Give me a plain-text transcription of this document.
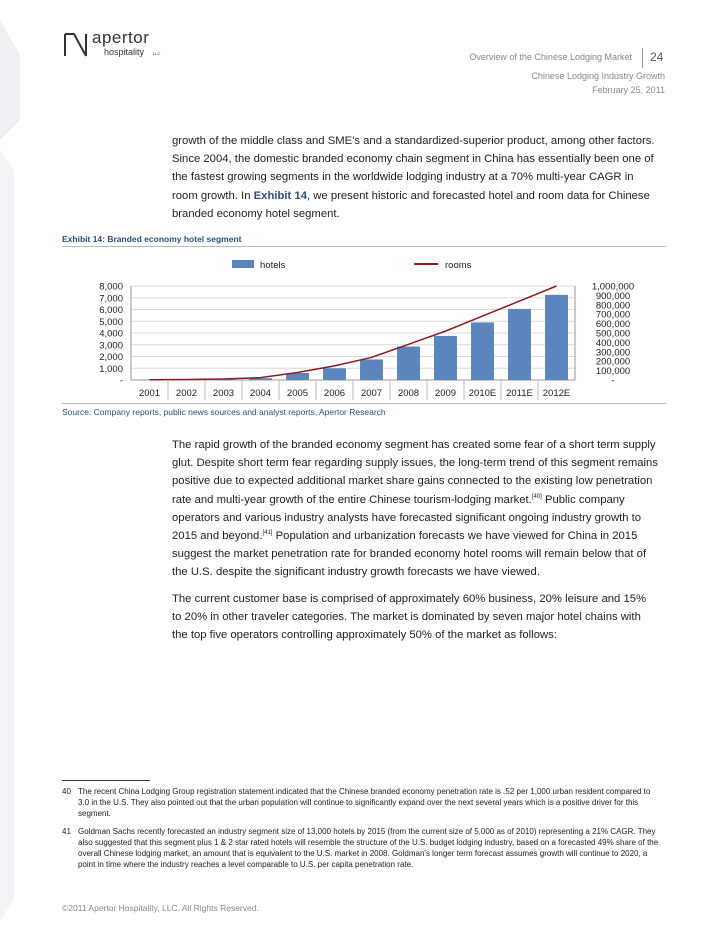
apertor
hospitality LLC	Overview of the Chinese Lodging Market 24
Chinese Lodging Industry Growth
February 25, 2011
growth of the middle class and SME's and a standardized-superior product, among other factors. Since 2004, the domestic branded economy chain segment in China has essentially been one of the fastest growing segments in the worldwide lodging industry at a 70% multi-year CAGR in room growth. In Exhibit 14, we present historic and forecasted hotel and room data for Chinese branded economy hotel segment.
Exhibit 14: Branded economy hotel segment
-
1,000
2,000
3,000
4,000
5,000
6,000
7,000
8,000
-
100,000
200,000
300,000
400,000
500,000
600,000
700,000
800,000
900,000
1,000,000
2001 2002 2003 2004 2005 2006 2007 2008 2009 2010E 2011E 2012E
hotels	rooms
Source: Company reports, public news sources and analyst reports, Apertor Research

The rapid growth of the branded economy segment has created some fear of a short term supply glut. Despite short term fear regarding supply issues, the long-term trend of this segment remains positive due to expected additional market share gains connected to the existing low penetration rate and multi-year growth of the entire Chinese tourism-lodging market.[40] Public company operators and various industry analysts have forecasted significant ongoing industry growth to 2015 and beyond.[41] Population and urbanization forecasts we have viewed for China in 2015 suggest the market penetration rate for branded economy hotel rooms will remain below that of the U.S. despite the significant industry growth forecasts we have viewed.

The current customer base is comprised of approximately 60% business, 20% leisure and 15% to 20% in other traveler categories. The market is dominated by seven major hotel chains with the top five operators controlling approximately 50% of the market as follows:

40 The recent China Lodging Group registration statement indicated that the Chinese branded economy penetration rate is .52 per 1,000 urban resident compared to 3.0 in the U.S. They also pointed out that the urban population will continue to significantly expand over the next several years which is a positive driver for this segment.
41 Goldman Sachs recently forecasted an industry segment size of 13,000 hotels by 2015 (from the current size of 5,000 as of 2010) representing a 21% CAGR. They also suggested that this segment plus 1 & 2 star rated hotels will resemble the structure of the U.S. budget lodging industry, based on a forecasted 49% share of the overall Chinese lodging market, an amount that is equivalent to the U.S. market in 2008. Goldman's longer term forecast assumes growth will continue to 2020, a point in time where the industry reaches a level comparable to U.S. per capita penetration rate.
©2011 Apertor Hospitality, LLC. All Rights Reserved.
